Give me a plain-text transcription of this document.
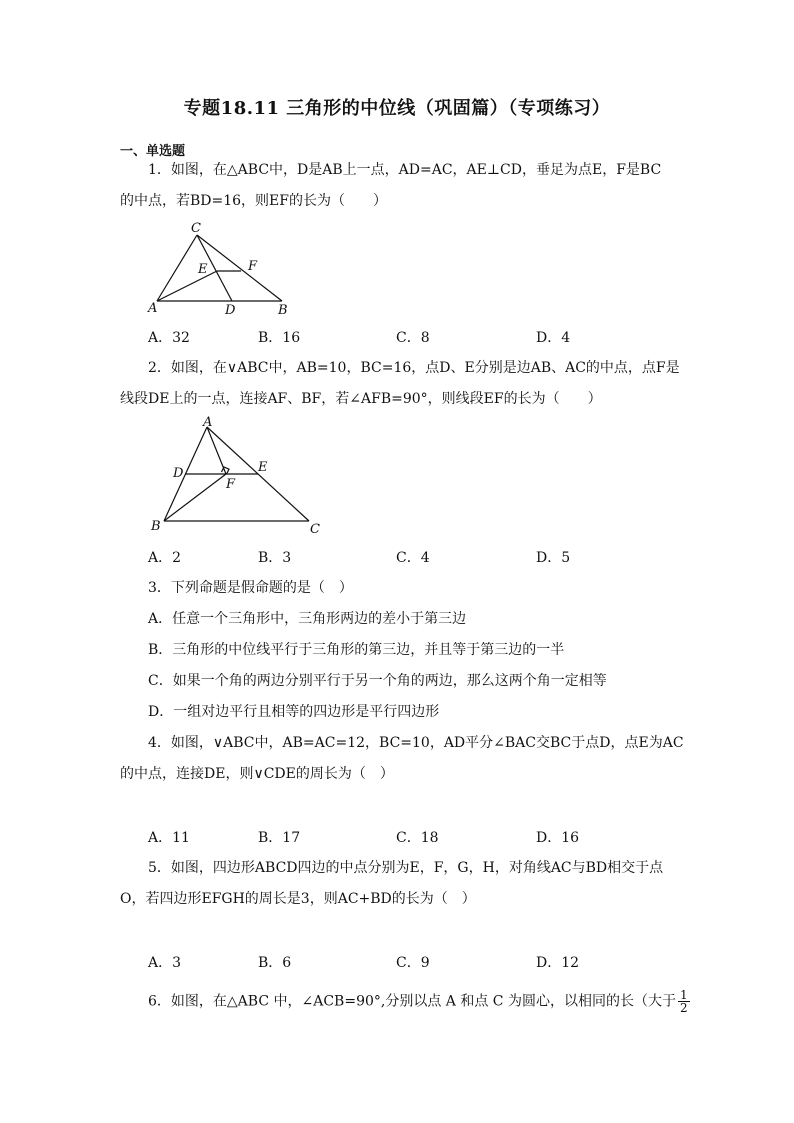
专题18.11 三角形的中位线（巩固篇）（专项练习）
一、单选题
1．如图，在△ABC中，D是AB上一点，AD=AC，AE⊥CD，垂足为点E，F是BC
的中点，若BD=16，则EF的长为（　　）
C
A	D	B
E	F
A．32	B．16	C．8	D．4
2．如图，在∨ABC中，AB=10，BC=16，点D、E分别是边AB、AC的中点，点F是
线段DE上的一点，连接AF、BF，若∠AFB=90°，则线段EF的长为（　　）
A
D	E
F
B	C
A．2	B．3	C．4	D．5
3．下列命题是假命题的是（　）
A．任意一个三角形中，三角形两边的差小于第三边
B．三角形的中位线平行于三角形的第三边，并且等于第三边的一半
C．如果一个角的两边分别平行于另一个角的两边，那么这两个角一定相等
D．一组对边平行且相等的四边形是平行四边形
4．如图，∨ABC中，AB=AC=12，BC=10，AD平分∠BAC交BC于点D，点E为AC
的中点，连接DE，则∨CDE的周长为（　）
A．11	B．17	C．18	D．16
5．如图，四边形ABCD四边的中点分别为E，F，G，H，对角线AC与BD相交于点
O，若四边形EFGH的周长是3，则AC+BD的长为（　）
A．3	B．6	C．9	D．12
6．如图，在△ABC 中，∠ACB=90°,分别以点 A 和点 C 为圆心，以相同的长（大于 $\frac{1}{2}$
